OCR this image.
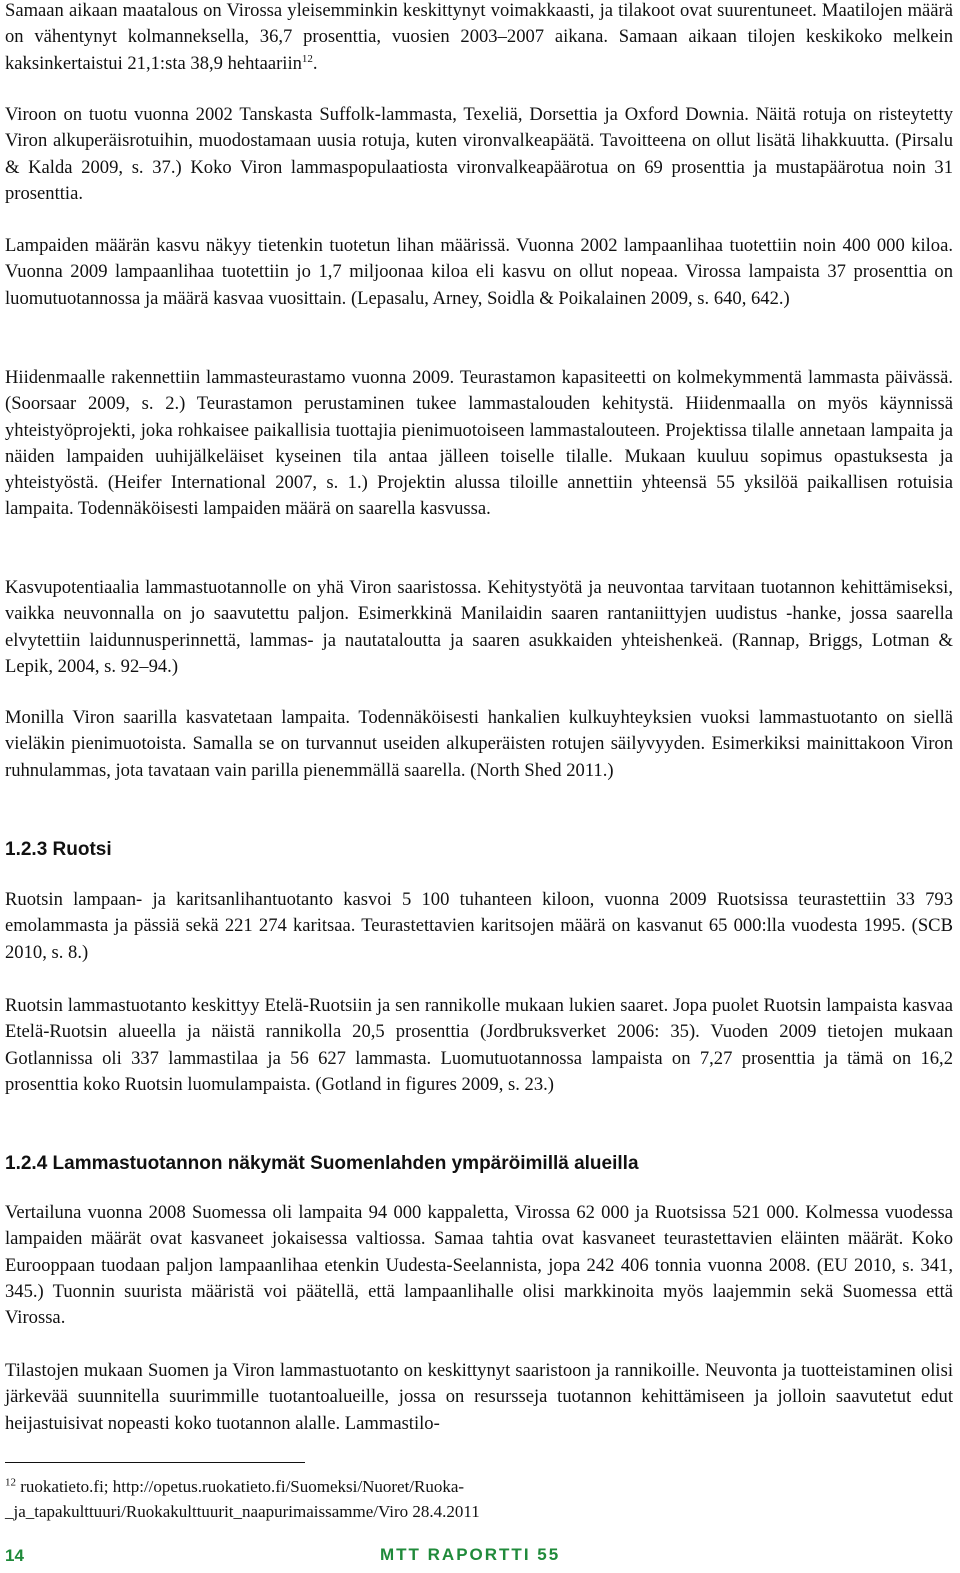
Samaan aikaan maatalous on Virossa yleisemminkin keskittynyt voimakkaasti, ja tilakoot ovat suurentuneet. Maatilojen määrä on vähentynyt kolmanneksella, 36,7 prosenttia, vuosien 2003–2007 aikana. Samaan aikaan tilojen keskikoko melkein kaksinkertaistui 21,1:sta 38,9 hehtaariin$^{12}$.

Viroon on tuotu vuonna 2002 Tanskasta Suffolk-lammasta, Texeliä, Dorsettia ja Oxford Downia. Näitä rotuja on risteytetty Viron alkuperäisrotuihin, muodostamaan uusia rotuja, kuten vironvalkeapäätä. Tavoitteena on ollut lisätä lihakkuutta. (Pirsalu & Kalda 2009, s. 37.) Koko Viron lammaspopulaatiosta vironvalkeapäärotua on 69 prosenttia ja mustapäärotua noin 31 prosenttia.

Lampaiden määrän kasvu näkyy tietenkin tuotetun lihan määrissä. Vuonna 2002 lampaanlihaa tuotettiin noin 400 000 kiloa. Vuonna 2009 lampaanlihaa tuotettiin jo 1,7 miljoonaa kiloa eli kasvu on ollut nopeaa. Virossa lampaista 37 prosenttia on luomutuotannossa ja määrä kasvaa vuosittain. (Lepasalu, Arney, Soidla & Poikalainen 2009, s. 640, 642.)

Hiidenmaalle rakennettiin lammasteurastamo vuonna 2009. Teurastamon kapasiteetti on kolmekymmentä lammasta päivässä. (Soorsaar 2009, s. 2.) Teurastamon perustaminen tukee lammastalouden kehitystä. Hiidenmaalla on myös käynnissä yhteistyöprojekti, joka rohkaisee paikallisia tuottajia pienimuotoiseen lammastalouteen. Projektissa tilalle annetaan lampaita ja näiden lampaiden uuhijälkeläiset kyseinen tila antaa jälleen toiselle tilalle. Mukaan kuuluu sopimus opastuksesta ja yhteistyöstä. (Heifer International 2007, s. 1.) Projektin alussa tiloille annettiin yhteensä 55 yksilöä paikallisen rotuisia lampaita. Todennäköisesti lampaiden määrä on saarella kasvussa.

Kasvupotentiaalia lammastuotannolle on yhä Viron saaristossa. Kehitystyötä ja neuvontaa tarvitaan tuotannon kehittämiseksi, vaikka neuvonnalla on jo saavutettu paljon. Esimerkkinä Manilaidin saaren rantaniittyjen uudistus -hanke, jossa saarella elvytettiin laidunnusperinnettä, lammas- ja nautataloutta ja saaren asukkaiden yhteishenkeä. (Rannap, Briggs, Lotman & Lepik, 2004, s. 92–94.)

Monilla Viron saarilla kasvatetaan lampaita. Todennäköisesti hankalien kulkuyhteyksien vuoksi lammastuotanto on siellä vieläkin pienimuotoista. Samalla se on turvannut useiden alkuperäisten rotujen säilyvyyden. Esimerkiksi mainittakoon Viron ruhnulammas, jota tavataan vain parilla pienemmällä saarella. (North Shed 2011.)

1.2.3 Ruotsi

Ruotsin lampaan- ja karitsanlihantuotanto kasvoi 5 100 tuhanteen kiloon, vuonna 2009 Ruotsissa teurastettiin 33 793 emolammasta ja pässiä sekä 221 274 karitsaa. Teurastettavien karitsojen määrä on kasvanut 65 000:lla vuodesta 1995. (SCB 2010, s. 8.)

Ruotsin lammastuotanto keskittyy Etelä-Ruotsiin ja sen rannikolle mukaan lukien saaret. Jopa puolet Ruotsin lampaista kasvaa Etelä-Ruotsin alueella ja näistä rannikolla 20,5 prosenttia (Jordbruksverket 2006: 35). Vuoden 2009 tietojen mukaan Gotlannissa oli 337 lammastilaa ja 56 627 lammasta. Luomutuotannossa lampaista on 7,27 prosenttia ja tämä on 16,2 prosenttia koko Ruotsin luomulampaista. (Gotland in figures 2009, s. 23.)

1.2.4 Lammastuotannon näkymät Suomenlahden ympäröimillä alueilla

Vertailuna vuonna 2008 Suomessa oli lampaita 94 000 kappaletta, Virossa 62 000 ja Ruotsissa 521 000. Kolmessa vuodessa lampaiden määrät ovat kasvaneet jokaisessa valtiossa. Samaa tahtia ovat kasvaneet teurastettavien eläinten määrät. Koko Eurooppaan tuodaan paljon lampaanlihaa etenkin Uudesta-Seelannista, jopa 242 406 tonnia vuonna 2008. (EU 2010, s. 341, 345.) Tuonnin suurista määristä voi päätellä, että lampaanlihalle olisi markkinoita myös laajemmin sekä Suomessa että Virossa.

Tilastojen mukaan Suomen ja Viron lammastuotanto on keskittynyt saaristoon ja rannikoille. Neuvonta ja tuotteistaminen olisi järkevää suunnitella suurimmille tuotantoalueille, jossa on resursseja tuotannon kehittämiseen ja jolloin saavutetut edut heijastuisivat nopeasti koko tuotannon alalle. Lammastilo-

$^{12}$ ruokatieto.fi; http://opetus.ruokatieto.fi/Suomeksi/Nuoret/Ruoka-
_ja_tapakulttuuri/Ruokakulttuurit_naapurimaissamme/Viro 28.4.2011
14	MTT RAPORTTI 55
